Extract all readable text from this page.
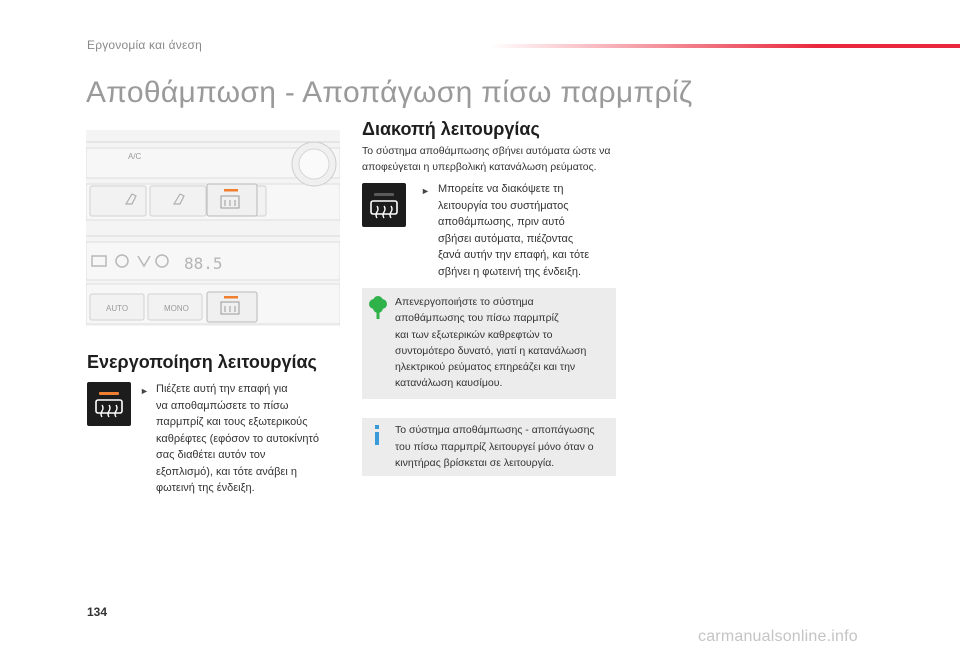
Εργονομία και άνεση
Αποθάμπωση - Αποπάγωση πίσω παρμπρίζ
A/C
AUTO	MONO
88.5
Ενεργοποίηση λειτουργίας
► Πιέζετε αυτή την επαφή για
να αποθαμπώσετε το πίσω
παρμπρίζ και τους εξωτερικούς
καθρέφτες (εφόσον το αυτοκίνητό
σας διαθέτει αυτόν τον
εξοπλισμό), και τότε ανάβει η
φωτεινή της ένδειξη.
Διακοπή λειτουργίας
Το σύστημα αποθάμπωσης σβήνει αυτόματα ώστε να
αποφεύγεται η υπερβολική κατανάλωση ρεύματος.
► Μπορείτε να διακόψετε τη
λειτουργία του συστήματος
αποθάμπωσης, πριν αυτό
σβήσει αυτόματα, πιέζοντας
ξανά αυτήν την επαφή, και τότε
σβήνει η φωτεινή της ένδειξη.
Απενεργοποιήστε το σύστημα
αποθάμπωσης του πίσω παρμπρίζ
και των εξωτερικών καθρεφτών το
συντομότερο δυνατό, γιατί η κατανάλωση
ηλεκτρικού ρεύματος επηρεάζει και την
κατανάλωση καυσίμου.
Το σύστημα αποθάμπωσης - αποπάγωσης
του πίσω παρμπρίζ λειτουργεί μόνο όταν ο
κινητήρας βρίσκεται σε λειτουργία.
134
carmanualsonline.info
